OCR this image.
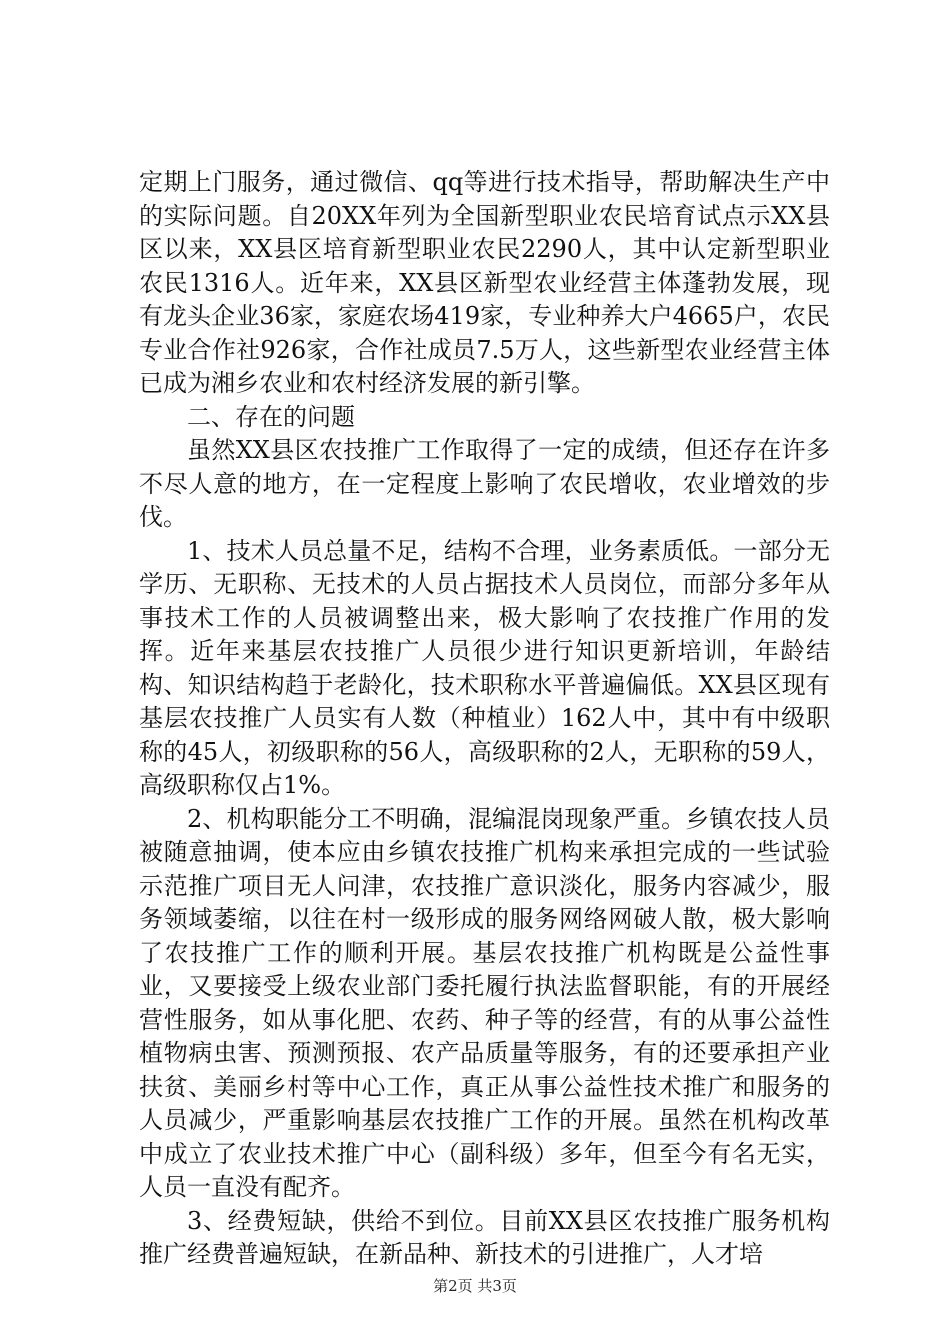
定期上门服务，通过微信、qq等进行技术指导，帮助解决生产中的实际问题。自20XX年列为全国新型职业农民培育试点示XX县区以来，XX县区培育新型职业农民2290人，其中认定新型职业农民1316人。近年来，XX县区新型农业经营主体蓬勃发展，现有龙头企业36家，家庭农场419家，专业种养大户4665户，农民专业合作社926家，合作社成员7.5万人，这些新型农业经营主体已成为湘乡农业和农村经济发展的新引擎。

二、存在的问题

虽然XX县区农技推广工作取得了一定的成绩，但还存在许多不尽人意的地方，在一定程度上影响了农民增收，农业增效的步伐。

1、技术人员总量不足，结构不合理，业务素质低。一部分无学历、无职称、无技术的人员占据技术人员岗位，而部分多年从事技术工作的人员被调整出来，极大影响了农技推广作用的发挥。近年来基层农技推广人员很少进行知识更新培训，年龄结构、知识结构趋于老龄化，技术职称水平普遍偏低。XX县区现有基层农技推广人员实有人数（种植业）162人中，其中有中级职称的45人，初级职称的56人，高级职称的2人，无职称的59人，高级职称仅占1%。

2、机构职能分工不明确，混编混岗现象严重。乡镇农技人员被随意抽调，使本应由乡镇农技推广机构来承担完成的一些试验示范推广项目无人问津，农技推广意识淡化，服务内容减少，服务领域萎缩，以往在村一级形成的服务网络网破人散，极大影响了农技推广工作的顺利开展。基层农技推广机构既是公益性事业，又要接受上级农业部门委托履行执法监督职能，有的开展经营性服务，如从事化肥、农药、种子等的经营，有的从事公益性植物病虫害、预测预报、农产品质量等服务，有的还要承担产业扶贫、美丽乡村等中心工作，真正从事公益性技术推广和服务的人员减少，严重影响基层农技推广工作的开展。虽然在机构改革中成立了农业技术推广中心（副科级）多年，但至今有名无实，人员一直没有配齐。

3、经费短缺，供给不到位。目前XX县区农技推广服务机构推广经费普遍短缺，在新品种、新技术的引进推广，人才培

第2页 共3页
